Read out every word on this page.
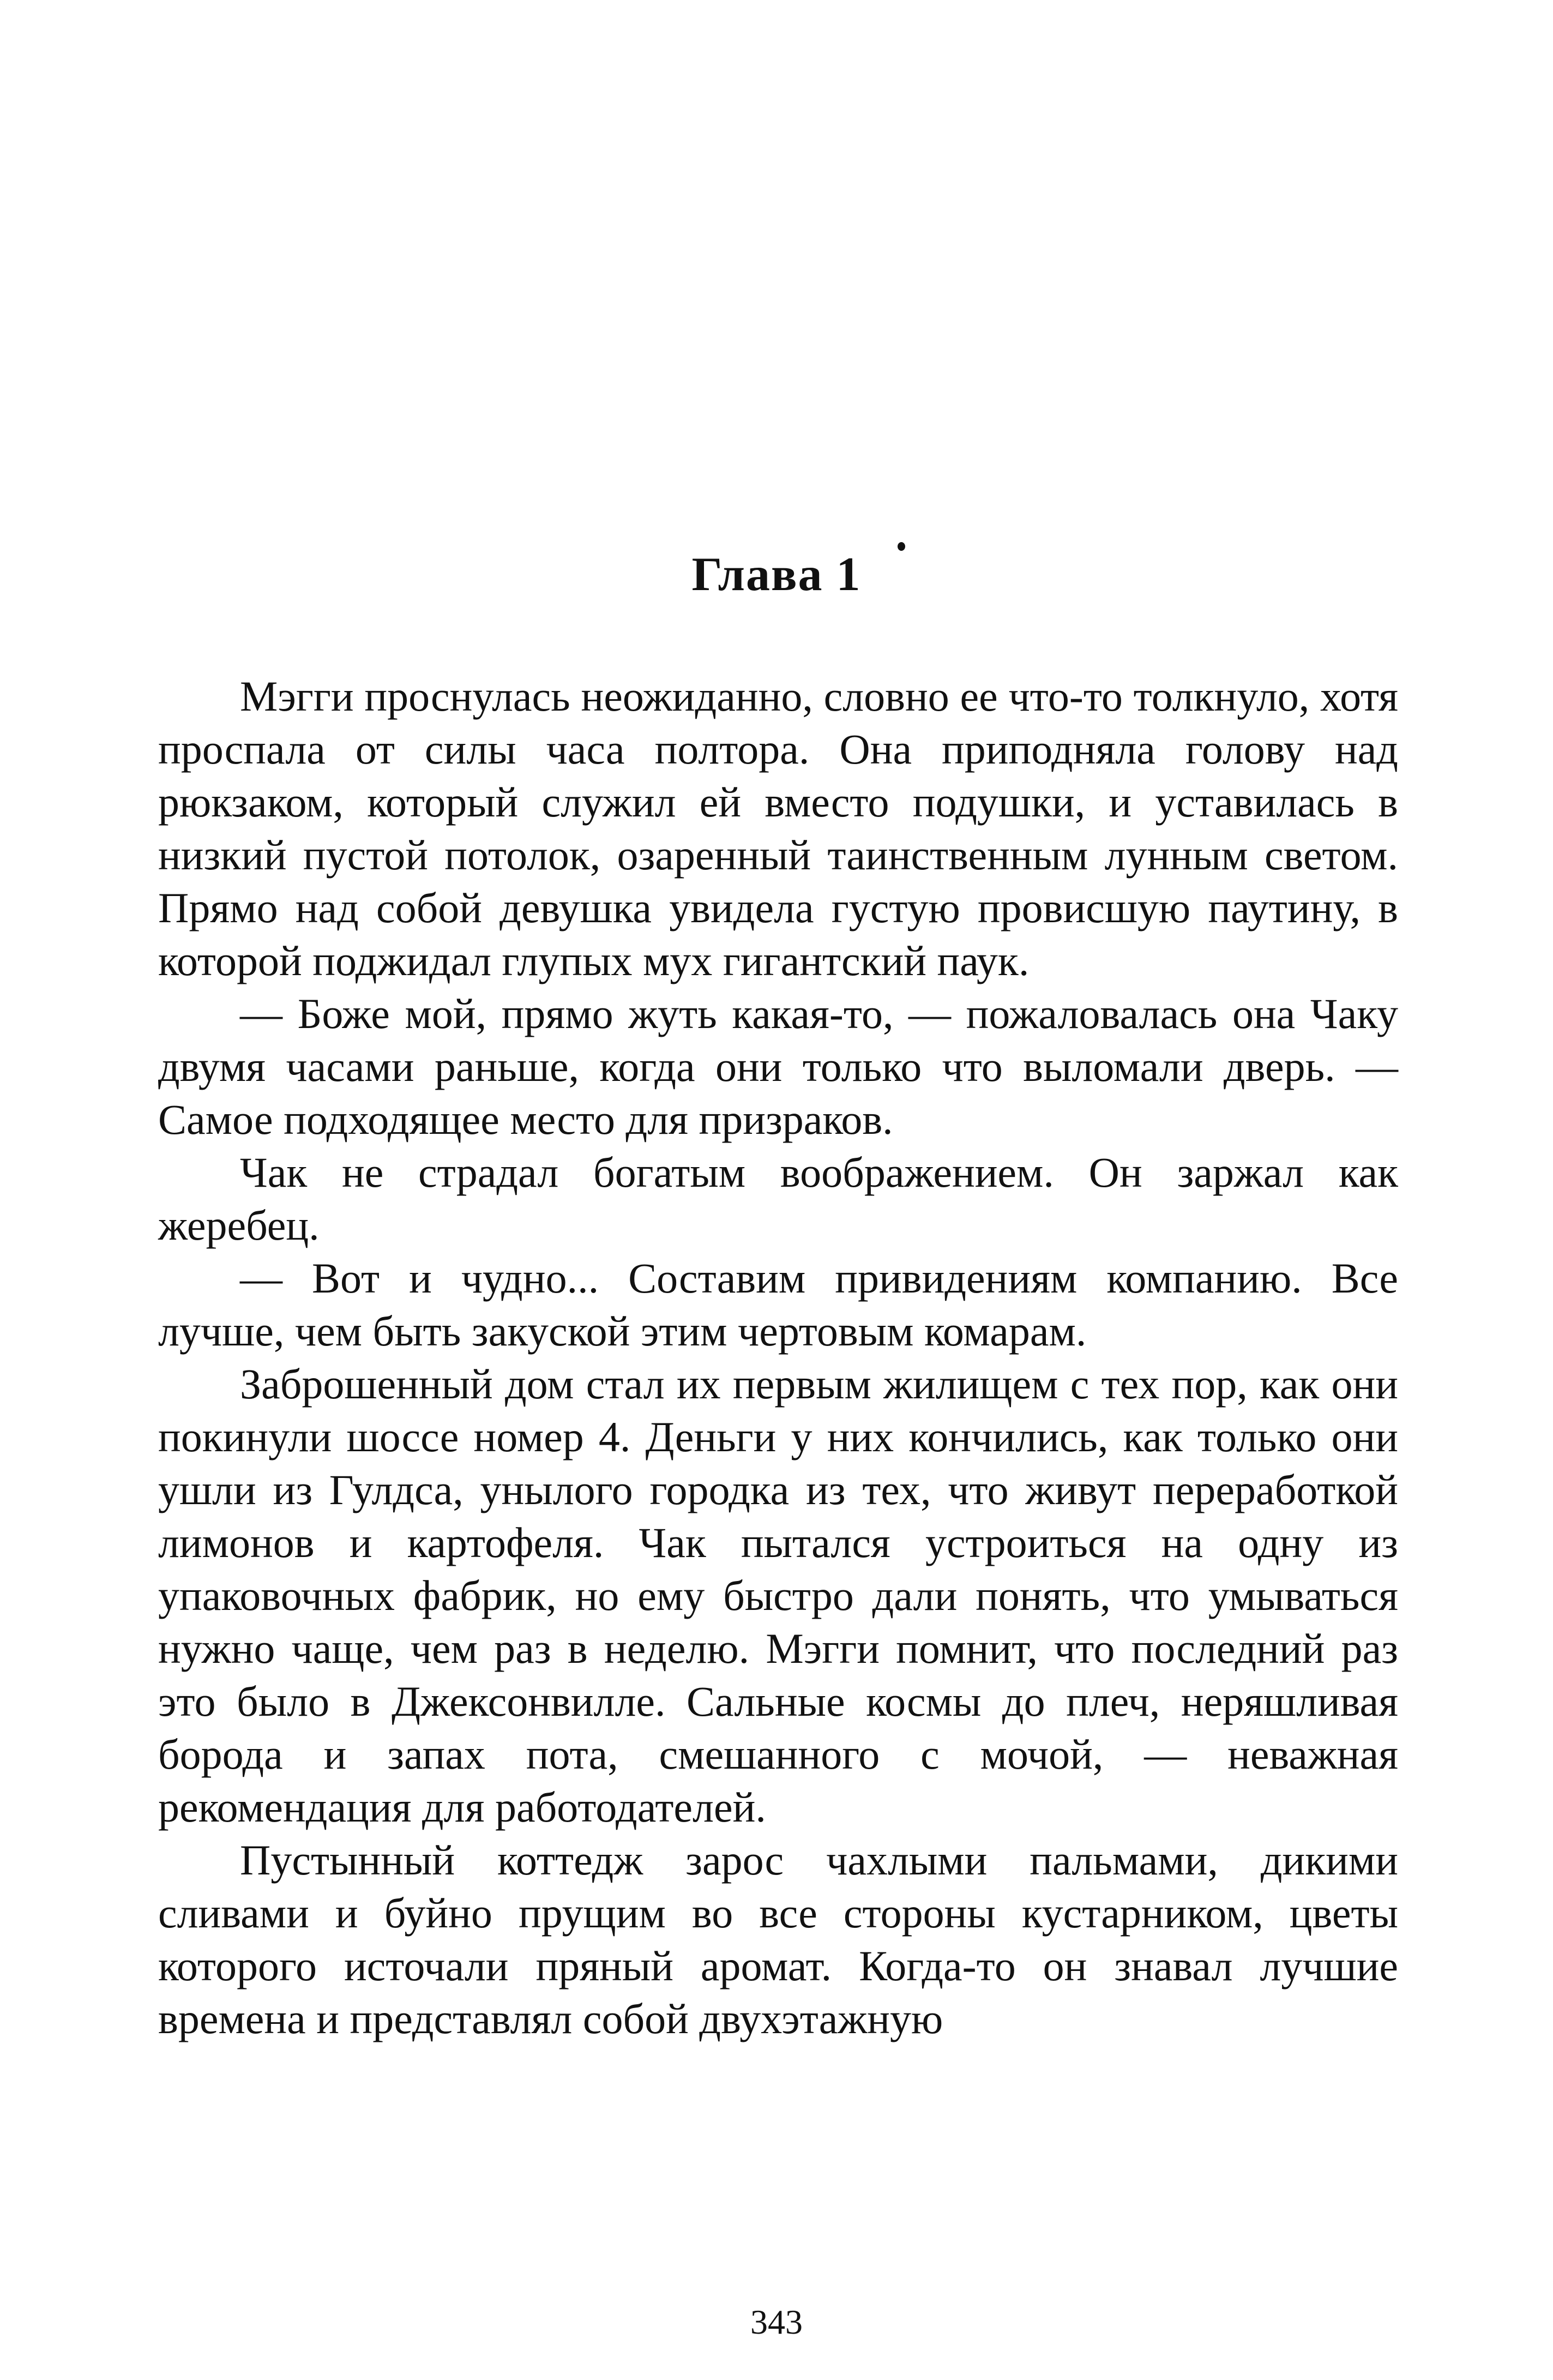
Глава 1

Мэгги проснулась неожиданно, словно ее что-то толкнуло, хотя проспала от силы часа полтора. Она приподняла голову над рюкзаком, который служил ей вместо подушки, и уставилась в низкий пустой потолок, озаренный таинственным лунным светом. Прямо над собой девушка увидела густую провисшую паутину, в которой поджидал глупых мух гигантский паук.

— Боже мой, прямо жуть какая-то, — пожаловалась она Чаку двумя часами раньше, когда они только что выломали дверь. — Самое подходящее место для призраков.

Чак не страдал богатым воображением. Он заржал как жеребец.

— Вот и чудно... Составим привидениям компанию. Все лучше, чем быть закуской этим чертовым комарам.

Заброшенный дом стал их первым жилищем с тех пор, как они покинули шоссе номер 4. Деньги у них кончились, как только они ушли из Гулдса, унылого городка из тех, что живут переработкой лимонов и картофеля. Чак пытался устроиться на одну из упаковочных фабрик, но ему быстро дали понять, что умываться нужно чаще, чем раз в неделю. Мэгги помнит, что последний раз это было в Джексонвилле. Сальные космы до плеч, неряшливая борода и запах пота, смешанного с мочой, — неважная рекомендация для работодателей.

Пустынный коттедж зарос чахлыми пальмами, дикими сливами и буйно прущим во все стороны кустарником, цветы которого источали пряный аромат. Когда-то он знавал лучшие времена и представлял собой двухэтажную

343
